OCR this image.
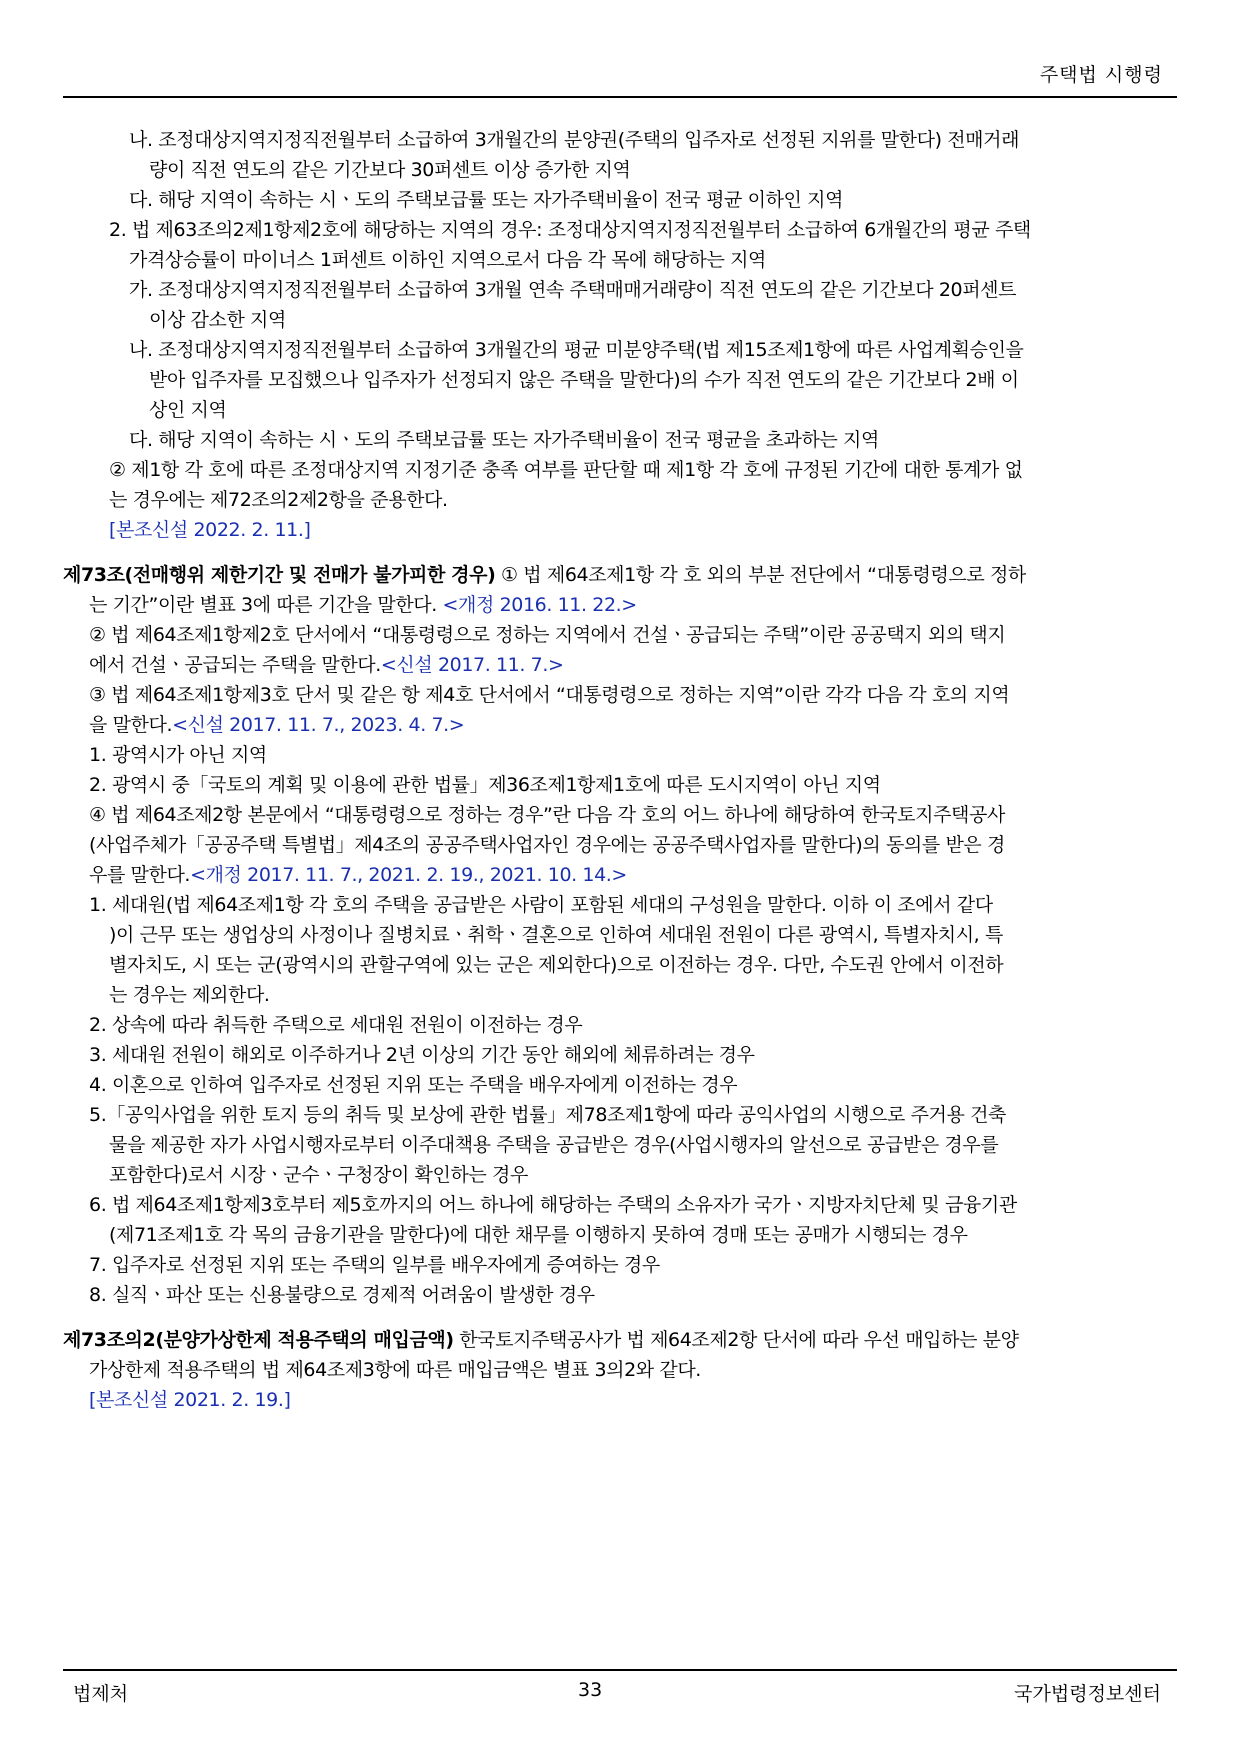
주택법 시행령
나. 조정대상지역지정직전월부터 소급하여 3개월간의 분양권(주택의 입주자로 선정된 지위를 말한다) 전매거래
량이 직전 연도의 같은 기간보다 30퍼센트 이상 증가한 지역
다. 해당 지역이 속하는 시ㆍ도의 주택보급률 또는 자가주택비율이 전국 평균 이하인 지역
2. 법 제63조의2제1항제2호에 해당하는 지역의 경우: 조정대상지역지정직전월부터 소급하여 6개월간의 평균 주택
가격상승률이 마이너스 1퍼센트 이하인 지역으로서 다음 각 목에 해당하는 지역
가. 조정대상지역지정직전월부터 소급하여 3개월 연속 주택매매거래량이 직전 연도의 같은 기간보다 20퍼센트
이상 감소한 지역
나. 조정대상지역지정직전월부터 소급하여 3개월간의 평균 미분양주택(법 제15조제1항에 따른 사업계획승인을
받아 입주자를 모집했으나 입주자가 선정되지 않은 주택을 말한다)의 수가 직전 연도의 같은 기간보다 2배 이
상인 지역
다. 해당 지역이 속하는 시ㆍ도의 주택보급률 또는 자가주택비율이 전국 평균을 초과하는 지역
② 제1항 각 호에 따른 조정대상지역 지정기준 충족 여부를 판단할 때 제1항 각 호에 규정된 기간에 대한 통계가 없
는 경우에는 제72조의2제2항을 준용한다.
[본조신설 2022. 2. 11.]
제73조(전매행위 제한기간 및 전매가 불가피한 경우) ① 법 제64조제1항 각 호 외의 부분 전단에서 “대통령령으로 정하
는 기간”이란 별표 3에 따른 기간을 말한다. <개정 2016. 11. 22.>
② 법 제64조제1항제2호 단서에서 “대통령령으로 정하는 지역에서 건설ㆍ공급되는 주택”이란 공공택지 외의 택지
에서 건설ㆍ공급되는 주택을 말한다.<신설 2017. 11. 7.>
③ 법 제64조제1항제3호 단서 및 같은 항 제4호 단서에서 “대통령령으로 정하는 지역”이란 각각 다음 각 호의 지역
을 말한다.<신설 2017. 11. 7., 2023. 4. 7.>
1. 광역시가 아닌 지역
2. 광역시 중「국토의 계획 및 이용에 관한 법률」제36조제1항제1호에 따른 도시지역이 아닌 지역
④ 법 제64조제2항 본문에서 “대통령령으로 정하는 경우”란 다음 각 호의 어느 하나에 해당하여 한국토지주택공사
(사업주체가「공공주택 특별법」제4조의 공공주택사업자인 경우에는 공공주택사업자를 말한다)의 동의를 받은 경
우를 말한다.<개정 2017. 11. 7., 2021. 2. 19., 2021. 10. 14.>
1. 세대원(법 제64조제1항 각 호의 주택을 공급받은 사람이 포함된 세대의 구성원을 말한다. 이하 이 조에서 같다
)이 근무 또는 생업상의 사정이나 질병치료ㆍ취학ㆍ결혼으로 인하여 세대원 전원이 다른 광역시, 특별자치시, 특
별자치도, 시 또는 군(광역시의 관할구역에 있는 군은 제외한다)으로 이전하는 경우. 다만, 수도권 안에서 이전하
는 경우는 제외한다.
2. 상속에 따라 취득한 주택으로 세대원 전원이 이전하는 경우
3. 세대원 전원이 해외로 이주하거나 2년 이상의 기간 동안 해외에 체류하려는 경우
4. 이혼으로 인하여 입주자로 선정된 지위 또는 주택을 배우자에게 이전하는 경우
5.「공익사업을 위한 토지 등의 취득 및 보상에 관한 법률」제78조제1항에 따라 공익사업의 시행으로 주거용 건축
물을 제공한 자가 사업시행자로부터 이주대책용 주택을 공급받은 경우(사업시행자의 알선으로 공급받은 경우를
포함한다)로서 시장ㆍ군수ㆍ구청장이 확인하는 경우
6. 법 제64조제1항제3호부터 제5호까지의 어느 하나에 해당하는 주택의 소유자가 국가ㆍ지방자치단체 및 금융기관
(제71조제1호 각 목의 금융기관을 말한다)에 대한 채무를 이행하지 못하여 경매 또는 공매가 시행되는 경우
7. 입주자로 선정된 지위 또는 주택의 일부를 배우자에게 증여하는 경우
8. 실직ㆍ파산 또는 신용불량으로 경제적 어려움이 발생한 경우
제73조의2(분양가상한제 적용주택의 매입금액) 한국토지주택공사가 법 제64조제2항 단서에 따라 우선 매입하는 분양
가상한제 적용주택의 법 제64조제3항에 따른 매입금액은 별표 3의2와 같다.
[본조신설 2021. 2. 19.]
법제처	33	국가법령정보센터
